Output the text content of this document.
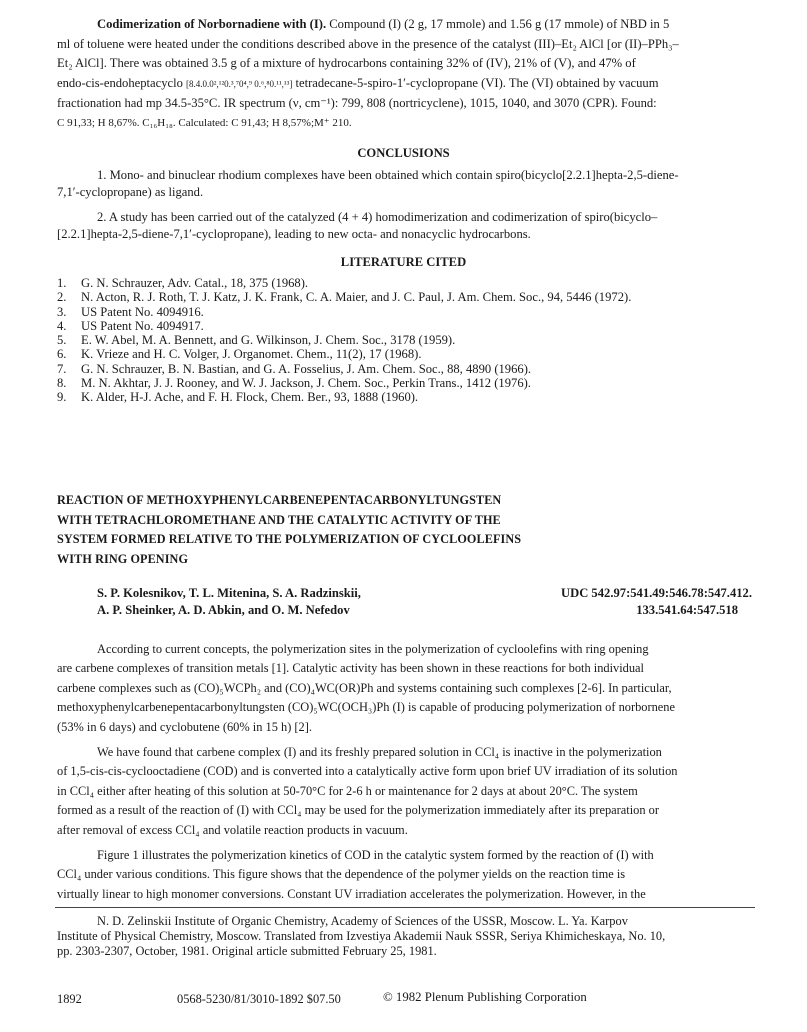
Codimerization of Norbornadiene with (I). Compound (I) (2 g, 17 mmole) and 1.56 g (17 mmole) of NBD in 5
ml of toluene were heated under the conditions described above in the presence of the catalyst (III)–Et₂ AlCl [or (II)–PPh₃–
Et₂ AlCl]. There was obtained 3.5 g of a mixture of hydrocarbons containing 32% of (IV), 21% of (V), and 47% of
endo-cis-endoheptacyclo [8.4.0.0²,¹²0.³,⁷0⁴,⁹ 0.⁶,⁸0.¹¹,¹³] tetradecane-5-spiro-1′-cyclopropane (VI). The (VI) obtained by vacuum
fractionation had mp 34.5-35°C. IR spectrum (ν, cm⁻¹): 799, 808 (nortricyclene), 1015, 1040, and 3070 (CPR). Found:
C 91,33; H 8,67%. C₁₆H₁₈. Calculated: C 91,43; H 8,57%;M⁺ 210.
CONCLUSIONS
1. Mono- and binuclear rhodium complexes have been obtained which contain spiro(bicyclo[2.2.1]hepta-2,5-diene-
7,1′-cyclopropane) as ligand.
2. A study has been carried out of the catalyzed (4 + 4) homodimerization and codimerization of spiro(bicyclo–
[2.2.1]hepta-2,5-diene-7,1′-cyclopropane), leading to new octa- and nonacyclic hydrocarbons.
LITERATURE CITED
1. G. N. Schrauzer, Adv. Catal., 18, 375 (1968).
2. N. Acton, R. J. Roth, T. J. Katz, J. K. Frank, C. A. Maier, and J. C. Paul, J. Am. Chem. Soc., 94, 5446 (1972).
3. US Patent No. 4094916.
4. US Patent No. 4094917.
5. E. W. Abel, M. A. Bennett, and G. Wilkinson, J. Chem. Soc., 3178 (1959).
6. K. Vrieze and H. C. Volger, J. Organomet. Chem., 11(2), 17 (1968).
7. G. N. Schrauzer, B. N. Bastian, and G. A. Fosselius, J. Am. Chem. Soc., 88, 4890 (1966).
8. M. N. Akhtar, J. J. Rooney, and W. J. Jackson, J. Chem. Soc., Perkin Trans., 1412 (1976).
9. K. Alder, H-J. Ache, and F. H. Flock, Chem. Ber., 93, 1888 (1960).
REACTION OF METHOXYPHENYLCARBENEPENTACARBONYLTUNGSTEN
WITH TETRACHLOROMETHANE AND THE CATALYTIC ACTIVITY OF THE
SYSTEM FORMED RELATIVE TO THE POLYMERIZATION OF CYCLOOLEFINS
WITH RING OPENING
S. P. Kolesnikov, T. L. Mitenina, S. A. Radzinskii,
A. P. Sheinker, A. D. Abkin, and O. M. Nefedov
UDC 542.97:541.49:546.78:547.412.
133.541.64:547.518
According to current concepts, the polymerization sites in the polymerization of cycloolefins with ring opening
are carbene complexes of transition metals [1]. Catalytic activity has been shown in these reactions for both individual
carbene complexes such as (CO)₅WCPh₂ and (CO)₄WC(OR)Ph and systems containing such complexes [2-6]. In particular,
methoxyphenylcarbenepentacarbonyltungsten (CO)₅WC(OCH₃)Ph (I) is capable of producing polymerization of norbornene
(53% in 6 days) and cyclobutene (60% in 15 h) [2].
We have found that carbene complex (I) and its freshly prepared solution in CCl₄ is inactive in the polymerization
of 1,5-cis-cis-cyclooctadiene (COD) and is converted into a catalytically active form upon brief UV irradiation of its solution
in CCl₄ either after heating of this solution at 50-70°C for 2-6 h or maintenance for 2 days at about 20°C. The system
formed as a result of the reaction of (I) with CCl₄ may be used for the polymerization immediately after its preparation or
after removal of excess CCl₄ and volatile reaction products in vacuum.
Figure 1 illustrates the polymerization kinetics of COD in the catalytic system formed by the reaction of (I) with
CCl₄ under various conditions. This figure shows that the dependence of the polymer yields on the reaction time is
virtually linear to high monomer conversions. Constant UV irradiation accelerates the polymerization. However, in the
N. D. Zelinskii Institute of Organic Chemistry, Academy of Sciences of the USSR, Moscow. L. Ya. Karpov
Institute of Physical Chemistry, Moscow. Translated from Izvestiya Akademii Nauk SSSR, Seriya Khimicheskaya, No. 10,
pp. 2303-2307, October, 1981. Original article submitted February 25, 1981.
1892	0568-5230/81/3010-1892 $07.50	© 1982 Plenum Publishing Corporation
